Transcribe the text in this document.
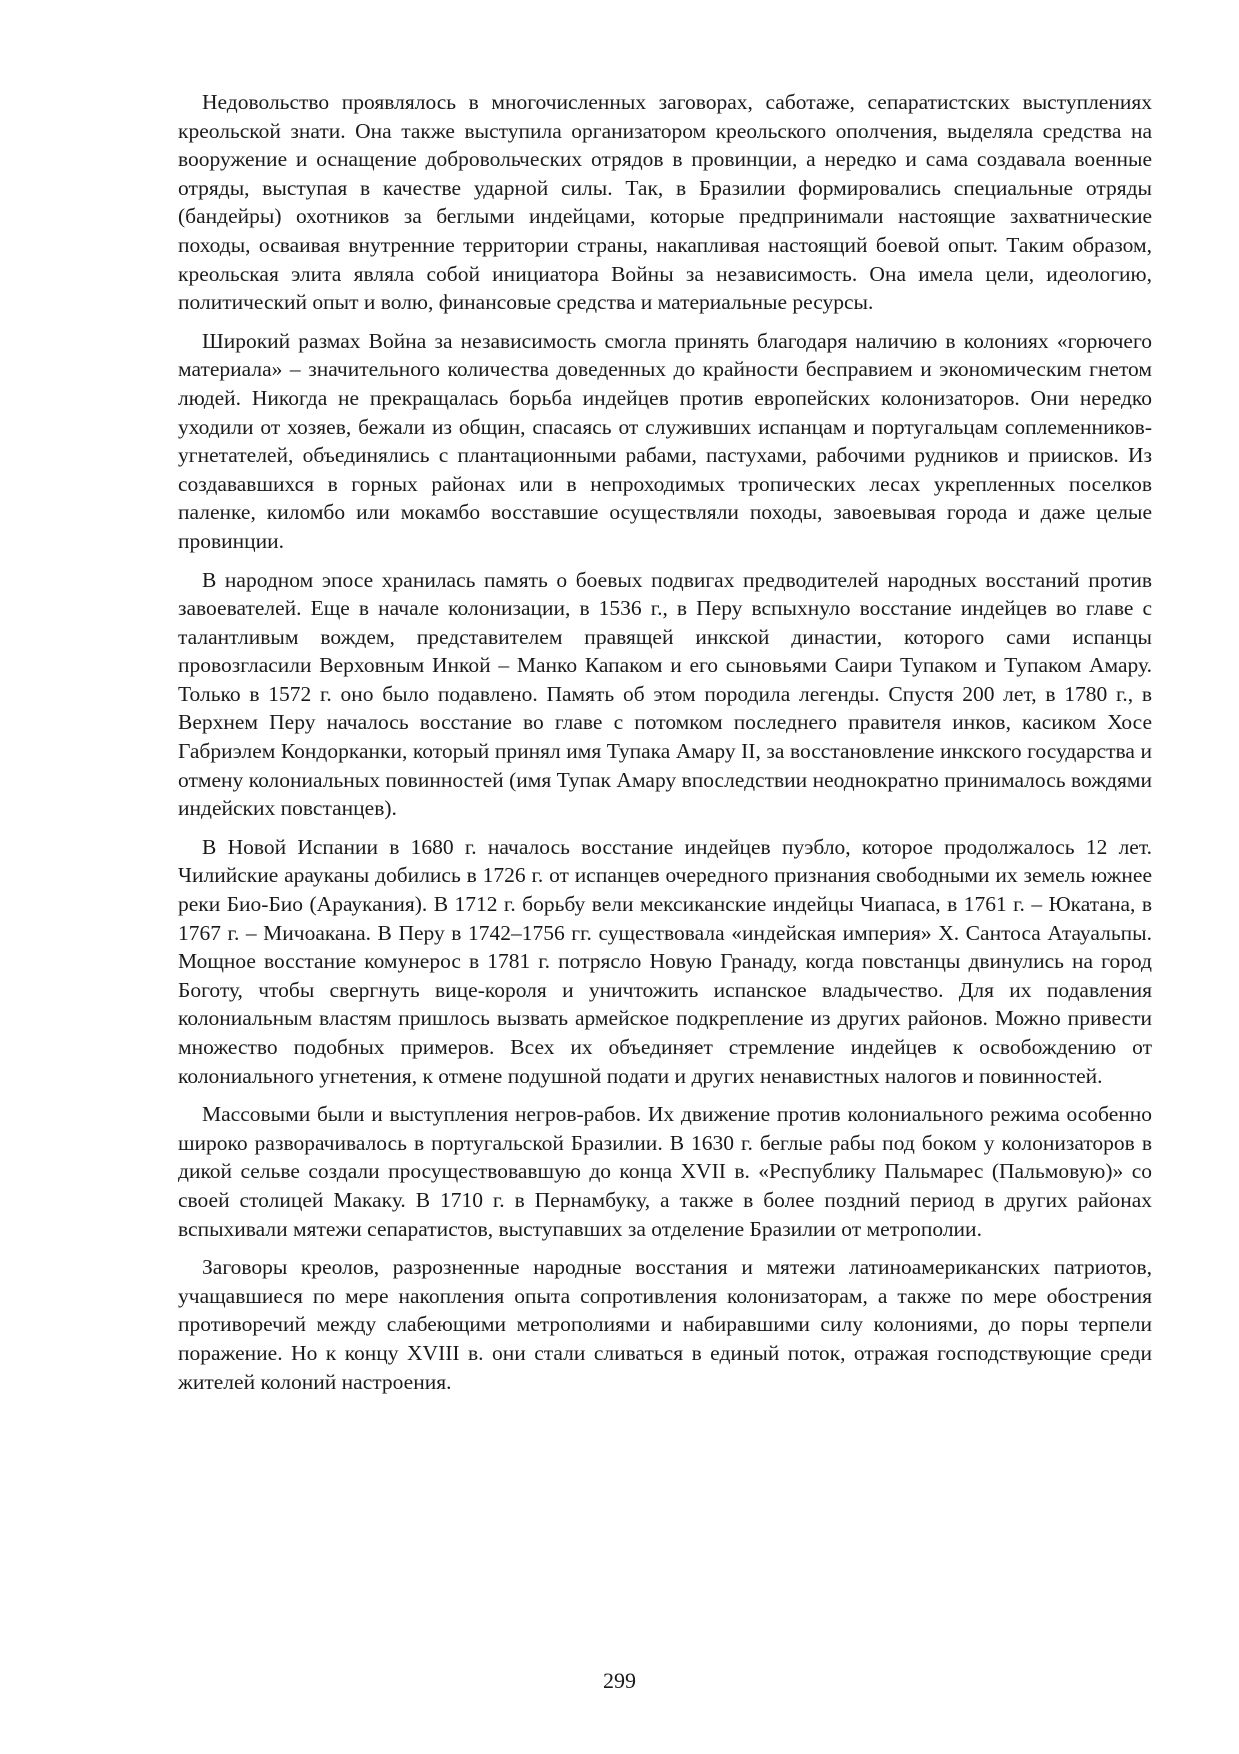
Недовольство проявлялось в многочисленных заговорах, саботаже, сепаратистских выступлениях креольской знати. Она также выступила организатором креольского ополчения, выделяла средства на вооружение и оснащение добровольческих отрядов в провинции, а нередко и сама создавала военные отряды, выступая в качестве ударной силы. Так, в Бразилии формировались специальные отряды (бандейры) охотников за беглыми индейцами, которые предпринимали настоящие захватнические походы, осваивая внутренние территории страны, накапливая настоящий боевой опыт. Таким образом, креольская элита являла собой инициатора Войны за независимость. Она имела цели, идеологию, политический опыт и волю, финансовые средства и материальные ресурсы.

Широкий размах Война за независимость смогла принять благодаря наличию в колониях «горючего материала» – значительного количества доведенных до крайности бесправием и экономическим гнетом людей. Никогда не прекращалась борьба индейцев против европейских колонизаторов. Они нередко уходили от хозяев, бежали из общин, спасаясь от служивших испанцам и португальцам соплеменников-угнетателей, объединялись с плантационными рабами, пастухами, рабочими рудников и приисков. Из создававшихся в горных районах или в непроходимых тропических лесах укрепленных поселков паленке, киломбо или мокамбо восставшие осуществляли походы, завоевывая города и даже целые провинции.

В народном эпосе хранилась память о боевых подвигах предводителей народных восстаний против завоевателей. Еще в начале колонизации, в 1536 г., в Перу вспыхнуло восстание индейцев во главе с талантливым вождем, представителем правящей инкской династии, которого сами испанцы провозгласили Верховным Инкой – Манко Капаком и его сыновьями Саири Тупаком и Тупаком Амару. Только в 1572 г. оно было подавлено. Память об этом породила легенды. Спустя 200 лет, в 1780 г., в Верхнем Перу началось восстание во главе с потомком последнего правителя инков, касиком Хосе Габриэлем Кондорканки, который принял имя Тупака Амару II, за восстановление инкского государства и отмену колониальных повинностей (имя Тупак Амару впоследствии неоднократно принималось вождями индейских повстанцев).

В Новой Испании в 1680 г. началось восстание индейцев пуэбло, которое продолжалось 12 лет. Чилийские арауканы добились в 1726 г. от испанцев очередного признания свободными их земель южнее реки Био-Био (Араукания). В 1712 г. борьбу вели мексиканские индейцы Чиапаса, в 1761 г. – Юкатана, в 1767 г. – Мичоакана. В Перу в 1742–1756 гг. существовала «индейская империя» Х. Сантоса Атауальпы. Мощное восстание комунерос в 1781 г. потрясло Новую Гранаду, когда повстанцы двинулись на город Боготу, чтобы свергнуть вице-короля и уничтожить испанское владычество. Для их подавления колониальным властям пришлось вызвать армейское подкрепление из других районов. Можно привести множество подобных примеров. Всех их объединяет стремление индейцев к освобождению от колониального угнетения, к отмене подушной подати и других ненавистных налогов и повинностей.

Массовыми были и выступления негров-рабов. Их движение против колониального режима особенно широко разворачивалось в португальской Бразилии. В 1630 г. беглые рабы под боком у колонизаторов в дикой сельве создали просуществовавшую до конца XVII в. «Республику Пальмарес (Пальмовую)» со своей столицей Макаку. В 1710 г. в Пернамбуку, а также в более поздний период в других районах вспыхивали мятежи сепаратистов, выступавших за отделение Бразилии от метрополии.

Заговоры креолов, разрозненные народные восстания и мятежи латиноамериканских патриотов, учащавшиеся по мере накопления опыта сопротивления колонизаторам, а также по мере обострения противоречий между слабеющими метрополиями и набиравшими силу колониями, до поры терпели поражение. Но к концу XVIII в. они стали сливаться в единый поток, отражая господствующие среди жителей колоний настроения.

299
